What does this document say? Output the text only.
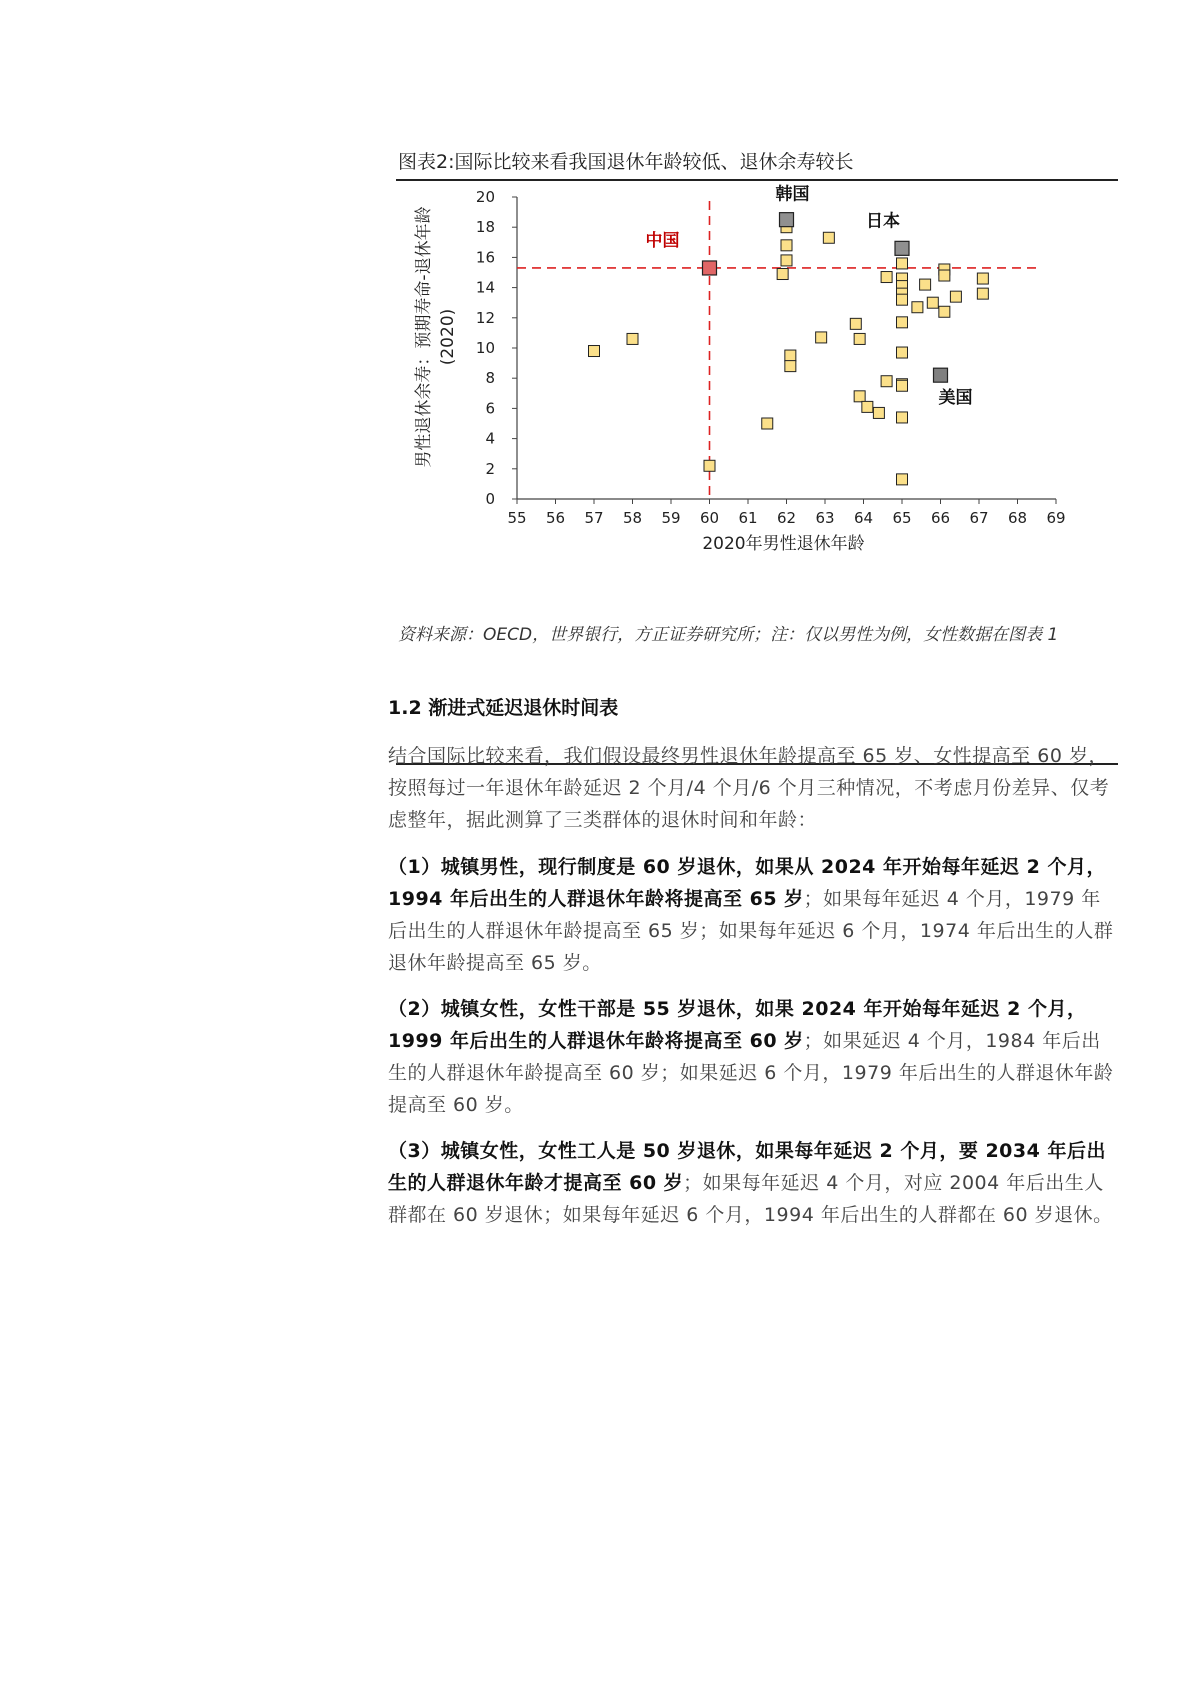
图表2:国际比较来看我国退休年龄较低、退休余寿较长
0
2
4
6
8
10
12
14
16
18
20
55 56 57 58 59 60 61 62 63 64 65 66 67 68 69
2020年男性退休年龄
男性退休余寿：预期寿命-退休年龄 (2020)
中国
韩国
日本
美国
资料来源：OECD，世界银行，方正证券研究所；注：仅以男性为例，女性数据在图表 1
1.2 渐进式延迟退休时间表
结合国际比较来看，我们假设最终男性退休年龄提高至 65 岁、女性提高至 60 岁，按照每过一年退休年龄延迟 2 个月/4 个月/6 个月三种情况，不考虑月份差异、仅考虑整年，据此测算了三类群体的退休时间和年龄：
（1）城镇男性，现行制度是 60 岁退休，如果从 2024 年开始每年延迟 2 个月，1994 年后出生的人群退休年龄将提高至 65 岁；如果每年延迟 4 个月，1979 年后出生的人群退休年龄提高至 65 岁；如果每年延迟 6 个月，1974 年后出生的人群退休年龄提高至 65 岁。
（2）城镇女性，女性干部是 55 岁退休，如果 2024 年开始每年延迟 2 个月，1999 年后出生的人群退休年龄将提高至 60 岁；如果延迟 4 个月，1984 年后出生的人群退休年龄提高至 60 岁；如果延迟 6 个月，1979 年后出生的人群退休年龄提高至 60 岁。
（3）城镇女性，女性工人是 50 岁退休，如果每年延迟 2 个月，要 2034 年后出生的人群退休年龄才提高至 60 岁；如果每年延迟 4 个月，对应 2004 年后出生人群都在 60 岁退休；如果每年延迟 6 个月，1994 年后出生的人群都在 60 岁退休。
